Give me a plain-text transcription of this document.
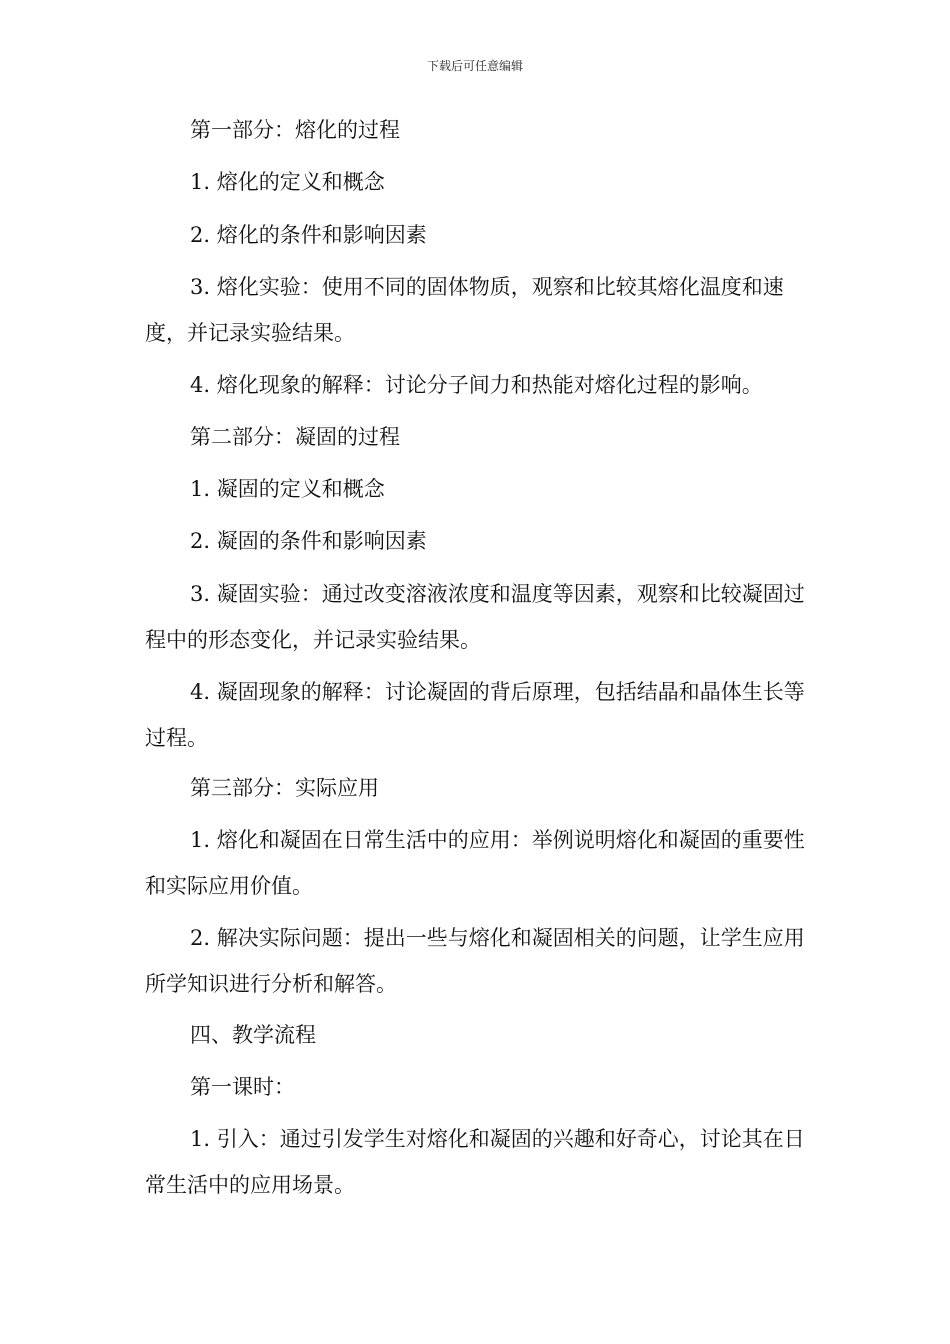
下载后可任意编辑

第一部分：熔化的过程

1. 熔化的定义和概念

2. 熔化的条件和影响因素

3. 熔化实验：使用不同的固体物质，观察和比较其熔化温度和速度，并记录实验结果。

4. 熔化现象的解释：讨论分子间力和热能对熔化过程的影响。

第二部分：凝固的过程

1. 凝固的定义和概念

2. 凝固的条件和影响因素

3. 凝固实验：通过改变溶液浓度和温度等因素，观察和比较凝固过程中的形态变化，并记录实验结果。

4. 凝固现象的解释：讨论凝固的背后原理，包括结晶和晶体生长等过程。

第三部分：实际应用

1. 熔化和凝固在日常生活中的应用：举例说明熔化和凝固的重要性和实际应用价值。

2. 解决实际问题：提出一些与熔化和凝固相关的问题，让学生应用所学知识进行分析和解答。

四、教学流程

第一课时：

1. 引入：通过引发学生对熔化和凝固的兴趣和好奇心，讨论其在日常生活中的应用场景。
